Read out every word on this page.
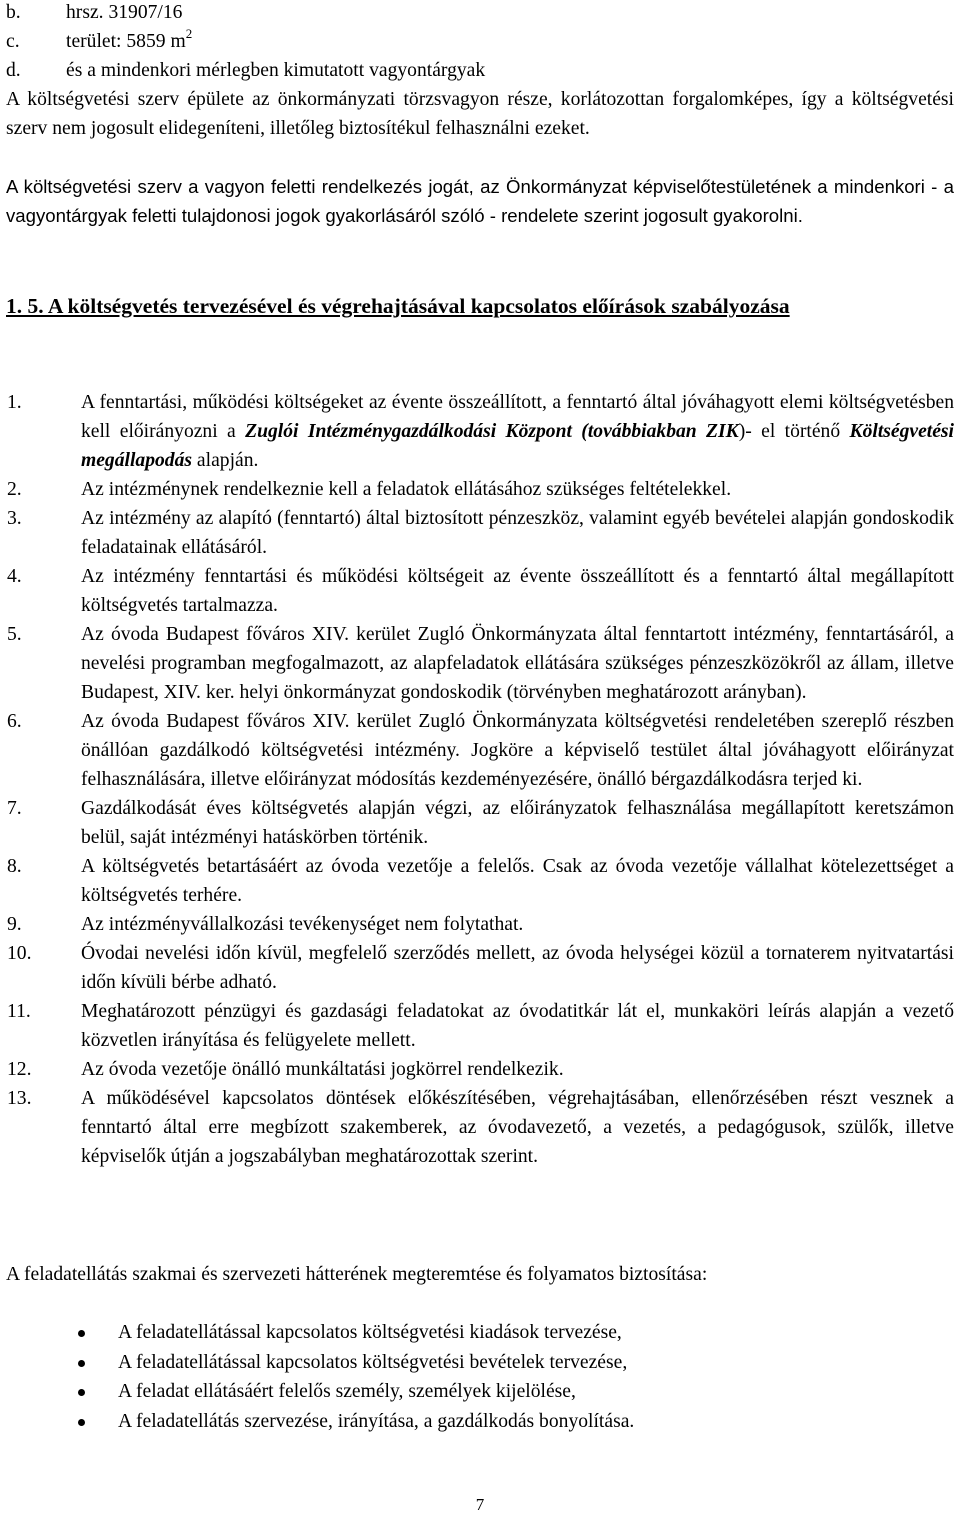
b. hrsz. 31907/16
c. terület: 5859 $m^2$
d. és a mindenkori mérlegben kimutatott vagyontárgyak
A költségvetési szerv épülete az önkormányzati törzsvagyon része, korlátozottan forgalomképes, így a költségvetési szerv nem jogosult elidegeníteni, illetőleg biztosítékul felhasználni ezeket.
A költségvetési szerv a vagyon feletti rendelkezés jogát, az Önkormányzat képviselőtestületének a mindenkori - a vagyontárgyak feletti tulajdonosi jogok gyakorlásáról szóló - rendelete szerint jogosult gyakorolni.
1. 5. A költségvetés tervezésével és végrehajtásával kapcsolatos előírások szabályozása
1.	A fenntartási, működési költségeket az évente összeállított, a fenntartó által jóváhagyott elemi költségvetésben kell előirányozni a Zuglói Intézménygazdálkodási Központ (továbbiakban ZIK)- el történő Költségvetési megállapodás alapján.
2.	Az intézménynek rendelkeznie kell a feladatok ellátásához szükséges feltételekkel.
3.	Az intézmény az alapító (fenntartó) által biztosított pénzeszköz, valamint egyéb bevételei alapján gondoskodik feladatainak ellátásáról.
4.	Az intézmény fenntartási és működési költségeit az évente összeállított és a fenntartó által megállapított költségvetés tartalmazza.
5.	Az óvoda Budapest főváros XIV. kerület Zugló Önkormányzata által fenntartott intézmény, fenntartásáról, a nevelési programban megfogalmazott, az alapfeladatok ellátására szükséges pénzeszközökről az állam, illetve Budapest, XIV. ker. helyi önkormányzat gondoskodik (törvényben meghatározott arányban).
6.	Az óvoda Budapest főváros XIV. kerület Zugló Önkormányzata költségvetési rendeletében szereplő részben önállóan gazdálkodó költségvetési intézmény. Jogköre a képviselő testület által jóváhagyott előirányzat felhasználására, illetve előirányzat módosítás kezdeményezésére, önálló bérgazdálkodásra terjed ki.
7.	Gazdálkodását éves költségvetés alapján végzi, az előirányzatok felhasználása megállapított keretszámon belül, saját intézményi hatáskörben történik.
8.	A költségvetés betartásáért az óvoda vezetője a felelős. Csak az óvoda vezetője vállalhat kötelezettséget a költségvetés terhére.
9.	Az intézményvállalkozási tevékenységet nem folytathat.
10.	Óvodai nevelési időn kívül, megfelelő szerződés mellett, az óvoda helységei közül a tornaterem nyitvatartási időn kívüli bérbe adható.
11.	Meghatározott pénzügyi és gazdasági feladatokat az óvodatitkár lát el, munkaköri leírás alapján a vezető közvetlen irányítása és felügyelete mellett.
12.	Az óvoda vezetője önálló munkáltatási jogkörrel rendelkezik.
13.	A működésével kapcsolatos döntések előkészítésében, végrehajtásában, ellenőrzésében részt vesznek a fenntartó által erre megbízott szakemberek, az óvodavezető, a vezetés, a pedagógusok, szülők, illetve képviselők útján a jogszabályban meghatározottak szerint.
A feladatellátás szakmai és szervezeti hátterének megteremtése és folyamatos biztosítása:
A feladatellátással kapcsolatos költségvetési kiadások tervezése,
A feladatellátással kapcsolatos költségvetési bevételek tervezése,
A feladat ellátásáért felelős személy, személyek kijelölése,
A feladatellátás szervezése, irányítása, a gazdálkodás bonyolítása.
7
